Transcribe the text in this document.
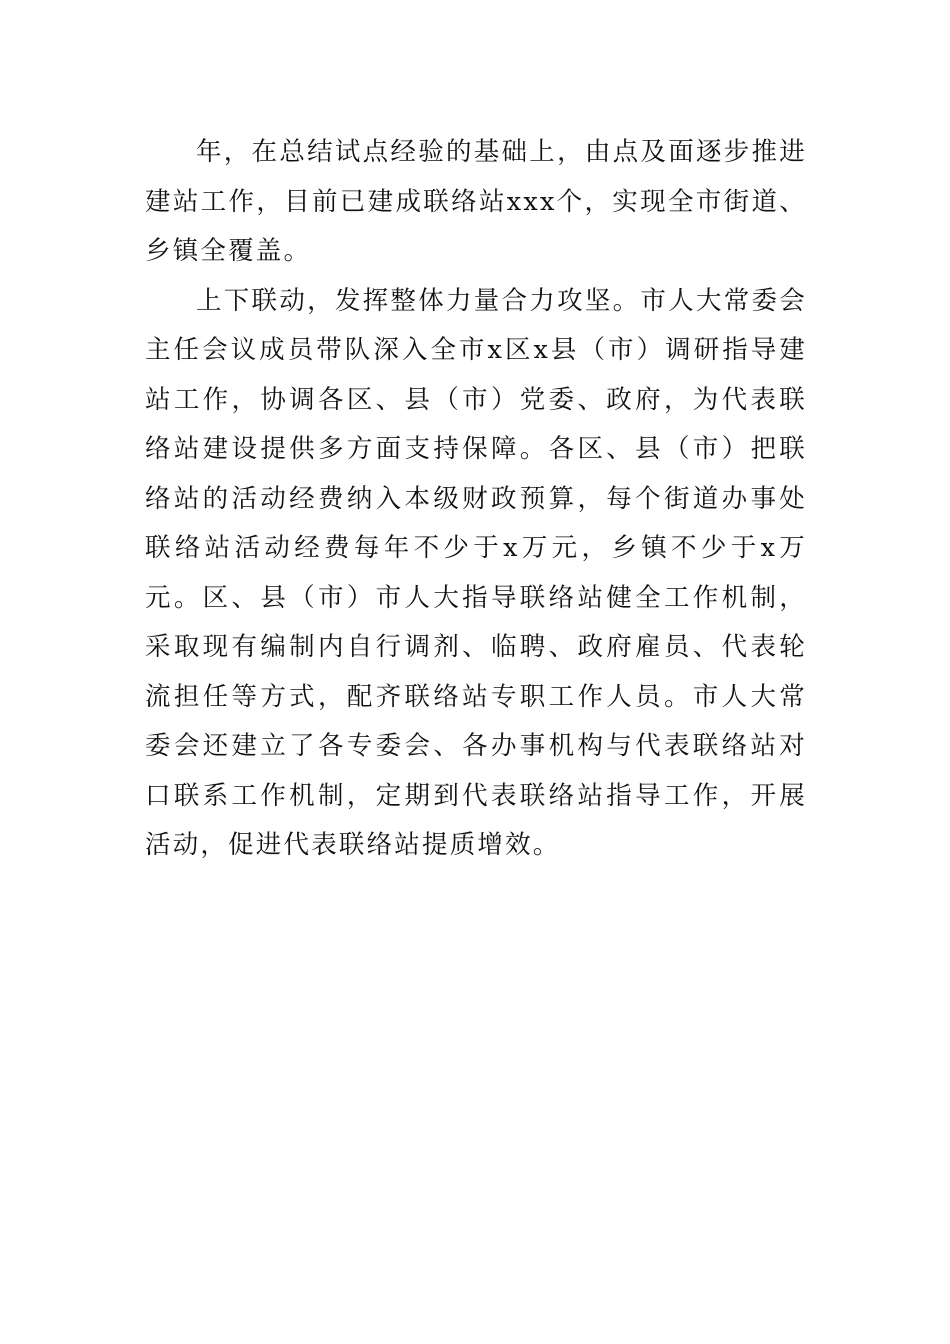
年，在总结试点经验的基础上，由点及面逐步推进建站工作，目前已建成联络站xxx个，实现全市街道、乡镇全覆盖。

上下联动，发挥整体力量合力攻坚。市人大常委会主任会议成员带队深入全市x区x县（市）调研指导建站工作，协调各区、县（市）党委、政府，为代表联络站建设提供多方面支持保障。各区、县（市）把联络站的活动经费纳入本级财政预算，每个街道办事处联络站活动经费每年不少于x万元，乡镇不少于x万元。区、县（市）市人大指导联络站健全工作机制，采取现有编制内自行调剂、临聘、政府雇员、代表轮流担任等方式，配齐联络站专职工作人员。市人大常委会还建立了各专委会、各办事机构与代表联络站对口联系工作机制，定期到代表联络站指导工作，开展活动，促进代表联络站提质增效。
